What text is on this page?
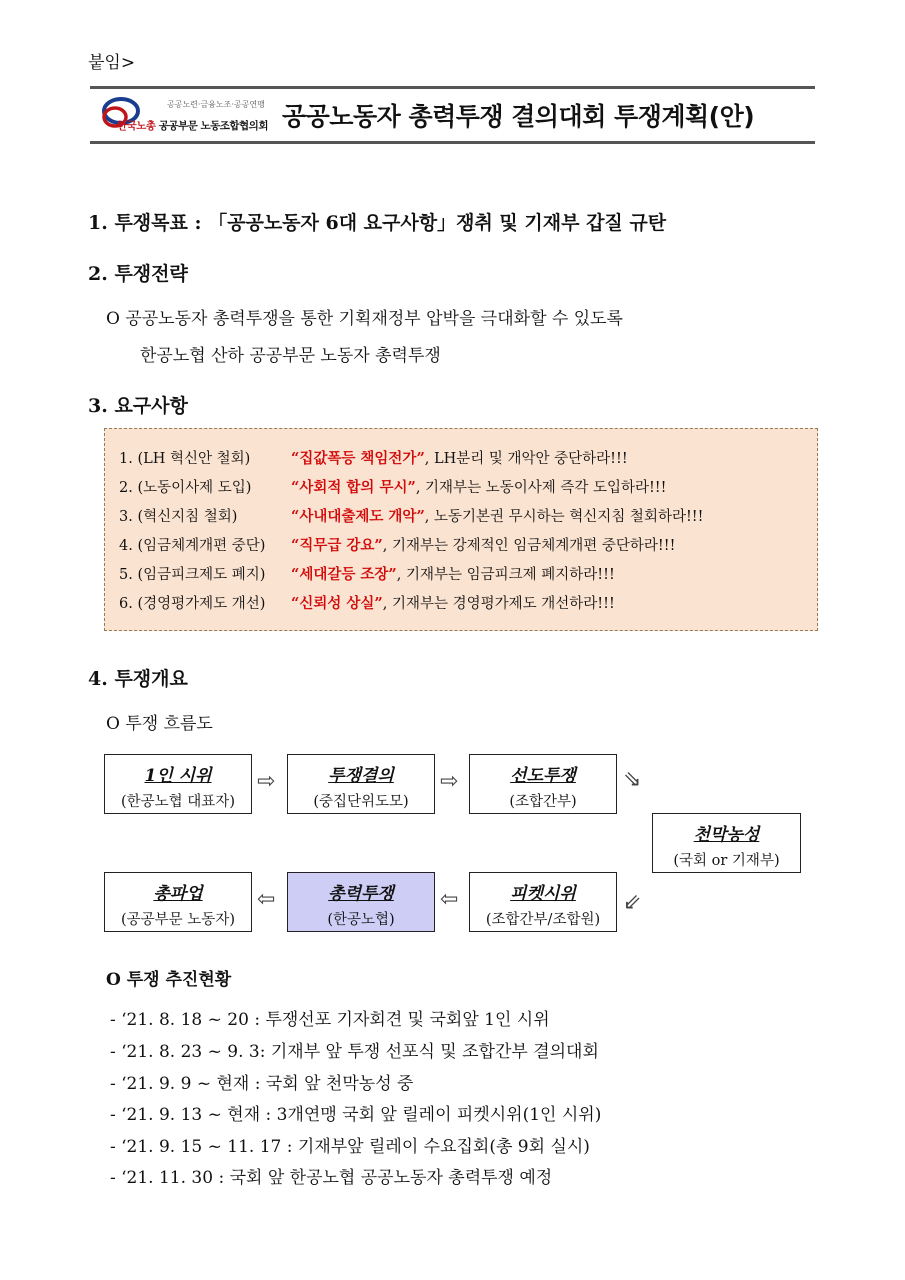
붙임>
공공노련·금융노조·공공연맹
한국노총 공공부문 노동조합협의회 공공노동자 총력투쟁 결의대회 투쟁계획(안)
1. 투쟁목표 : 「공공노동자 6대 요구사항」쟁취 및 기재부 갑질 규탄
2. 투쟁전략
O 공공노동자 총력투쟁을 통한 기획재정부 압박을 극대화할 수 있도록
한공노협 산하 공공부문 노동자 총력투쟁
3. 요구사항
1. (LH 혁신안 철회)	“집값폭등 책임전가”, LH분리 및 개악안 중단하라!!!
2. (노동이사제 도입)	“사회적 합의 무시”, 기재부는 노동이사제 즉각 도입하라!!!
3. (혁신지침 철회)	“사내대출제도 개악”, 노동기본권 무시하는 혁신지침 철회하라!!!
4. (임금체계개편 중단) “직무급 강요”, 기재부는 강제적인 임금체계개편 중단하라!!!
5. (임금피크제도 폐지) “세대갈등 조장”, 기재부는 임금피크제 폐지하라!!!
6. (경영평가제도 개선) “신뢰성 상실”, 기재부는 경영평가제도 개선하라!!!
4. 투쟁개요
O 투쟁 흐름도
1인 시위
(한공노협 대표자)
⇨	투쟁결의
(중집단위도모)
⇨	선도투쟁
(조합간부)
⇘
천막농성
(국회 or 기재부)
총파업
(공공부문 노동자)
⇦	총력투쟁
(한공노협)
⇦	피켓시위
(조합간부/조합원)
⇙
O 투쟁 추진현황
- ‘21. 8. 18 ~ 20 : 투쟁선포 기자회견 및 국회앞 1인 시위
- ‘21. 8. 23 ~ 9. 3: 기재부 앞 투쟁 선포식 및 조합간부 결의대회
- ‘21. 9. 9 ~ 현재 : 국회 앞 천막농성 중
- ‘21. 9. 13 ~ 현재 : 3개연맹 국회 앞 릴레이 피켓시위(1인 시위)
- ‘21. 9. 15 ~ 11. 17 : 기재부앞 릴레이 수요집회(총 9회 실시)
- ‘21. 11. 30 : 국회 앞 한공노협 공공노동자 총력투쟁 예정
